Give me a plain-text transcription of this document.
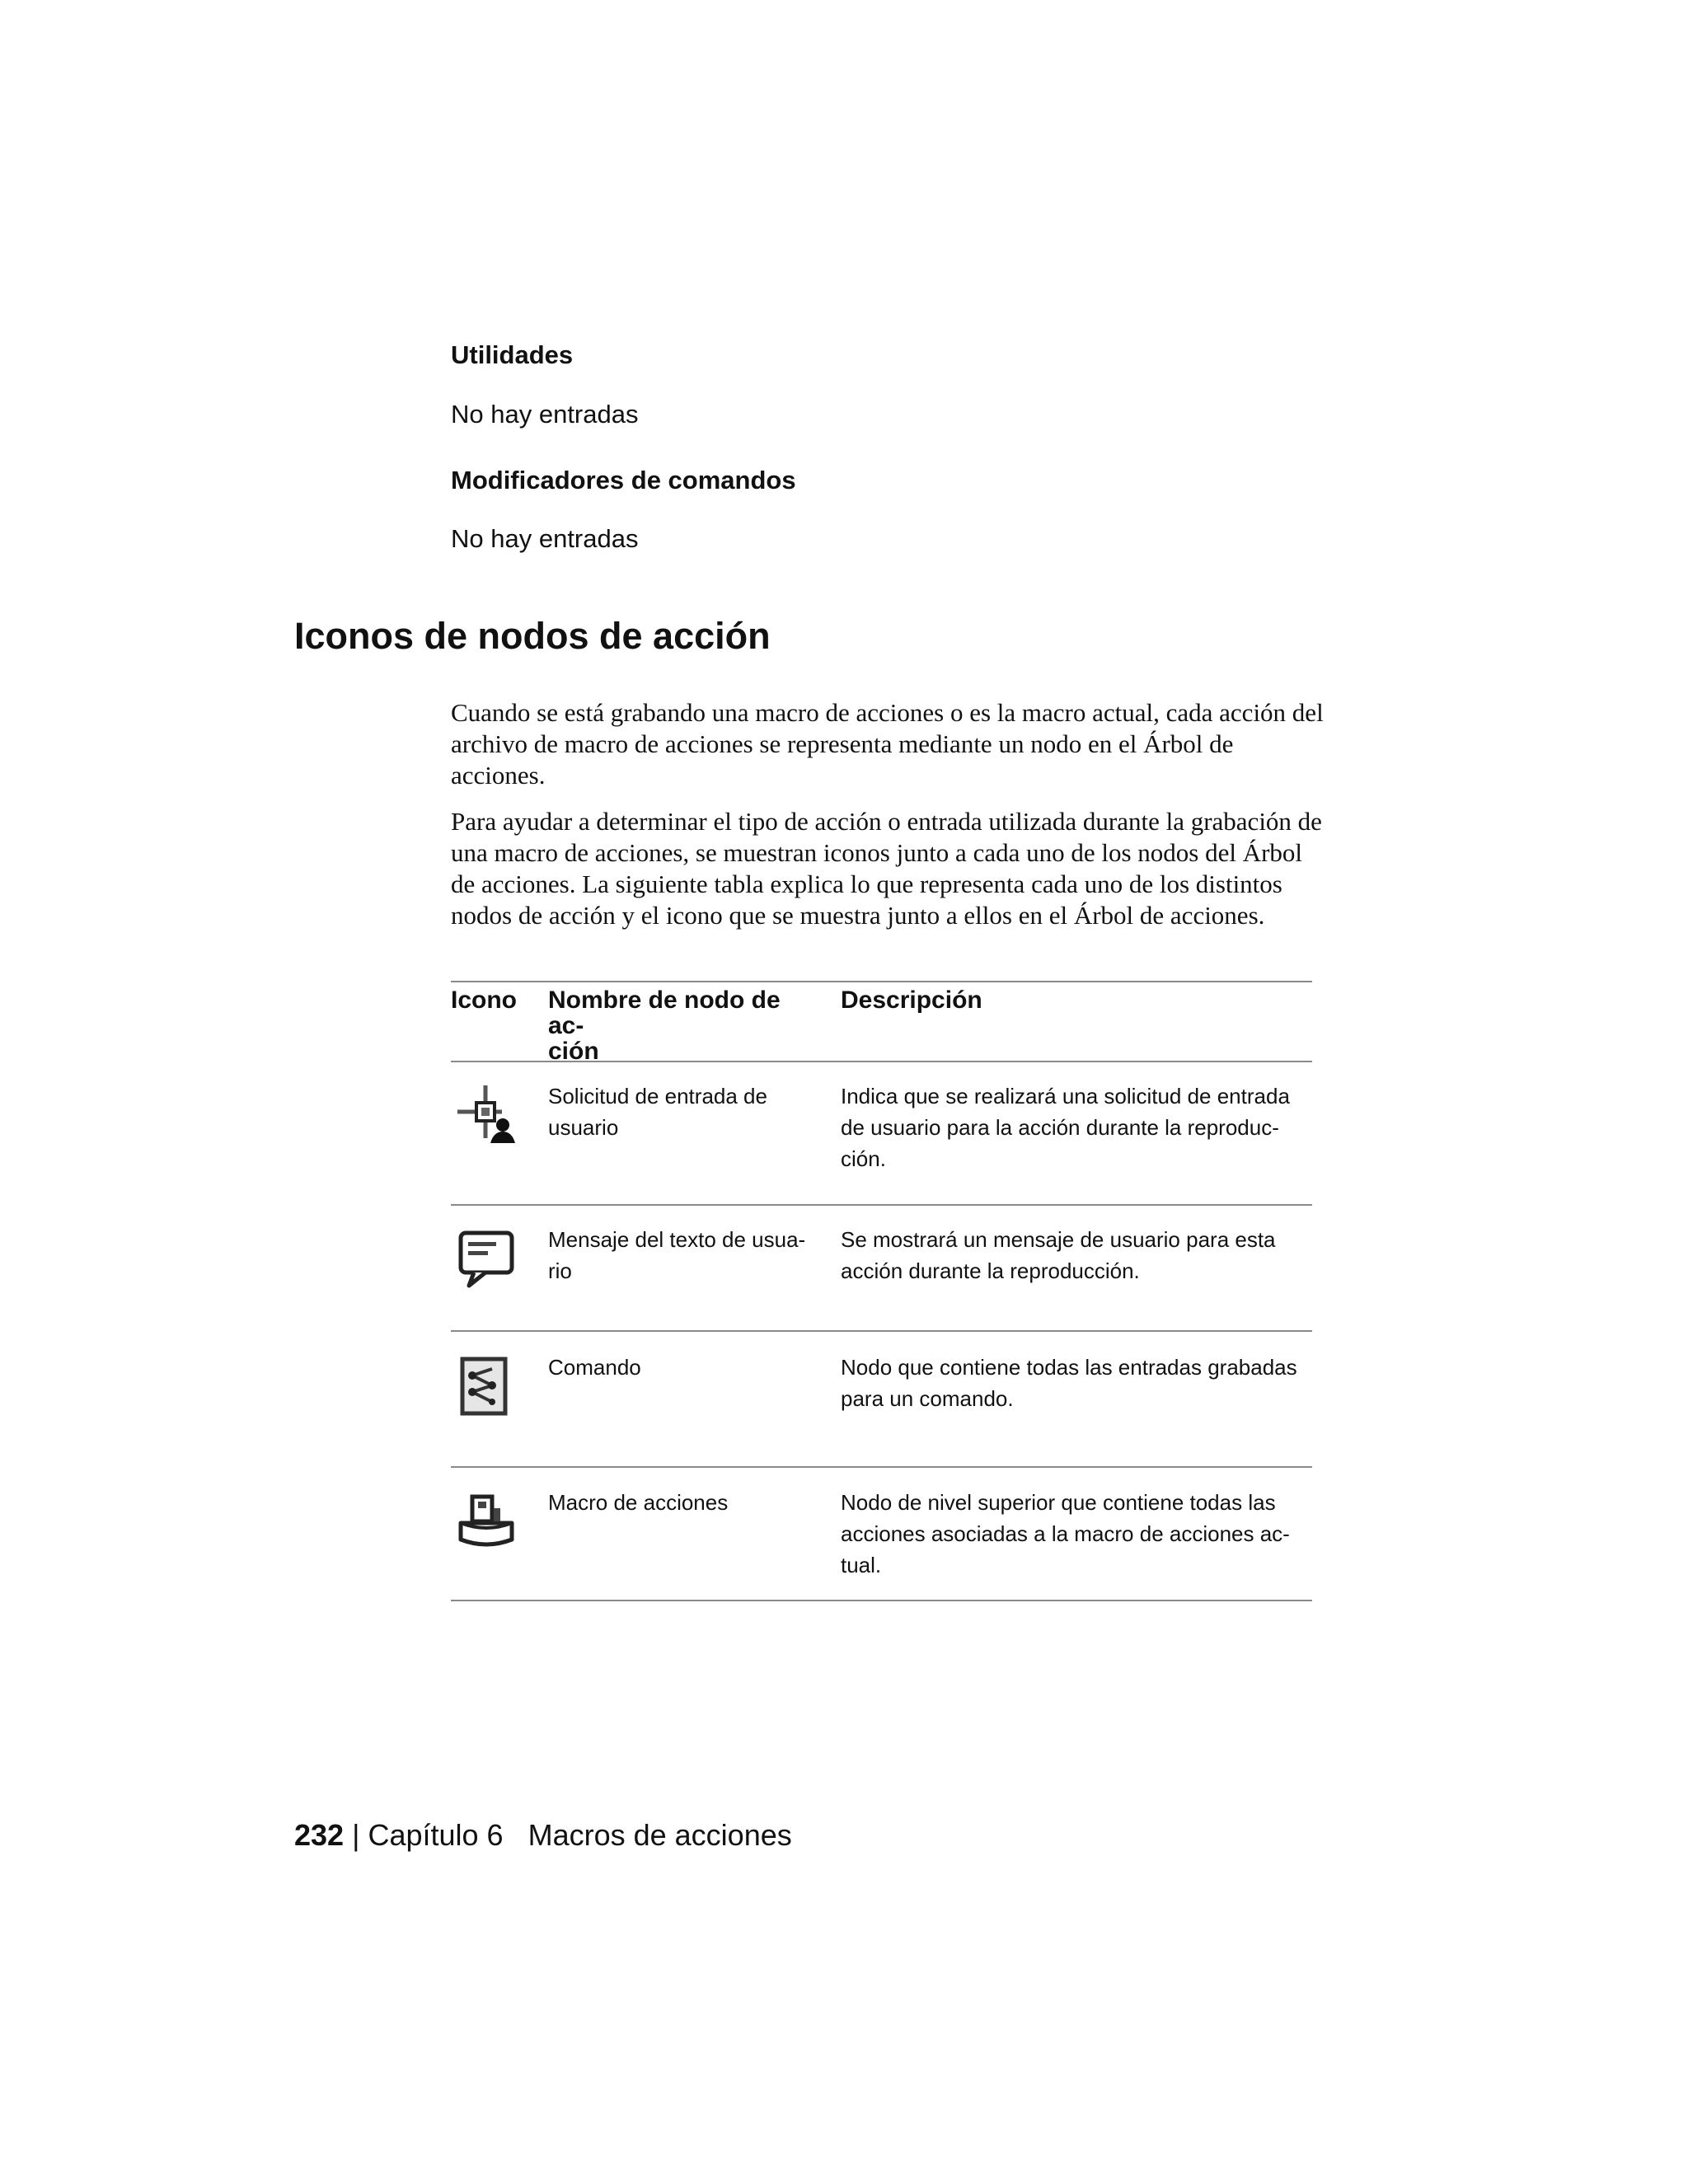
Utilidades
No hay entradas
Modificadores de comandos
No hay entradas
Iconos de nodos de acción

Cuando se está grabando una macro de acciones o es la macro actual, cada acción del archivo de macro de acciones se representa mediante un nodo en el Árbol de acciones.

Para ayudar a determinar el tipo de acción o entrada utilizada durante la grabación de una macro de acciones, se muestran iconos junto a cada uno de los nodos del Árbol de acciones. La siguiente tabla explica lo que representa cada uno de los distintos nodos de acción y el icono que se muestra junto a ellos en el Árbol de acciones.

Icono Nombre de nodo de ac-
ción
Descripción
Solicitud de entrada de
usuario
Indica que se realizará una solicitud de entrada
de usuario para la acción durante la reproduc-
ción.
Mensaje del texto de usua-
rio
Se mostrará un mensaje de usuario para esta
acción durante la reproducción.
Comando	Nodo que contiene todas las entradas grabadas
para un comando.
Macro de acciones	Nodo de nivel superior que contiene todas las
acciones asociadas a la macro de acciones ac-
tual.
232 | Capítulo 6 Macros de acciones
